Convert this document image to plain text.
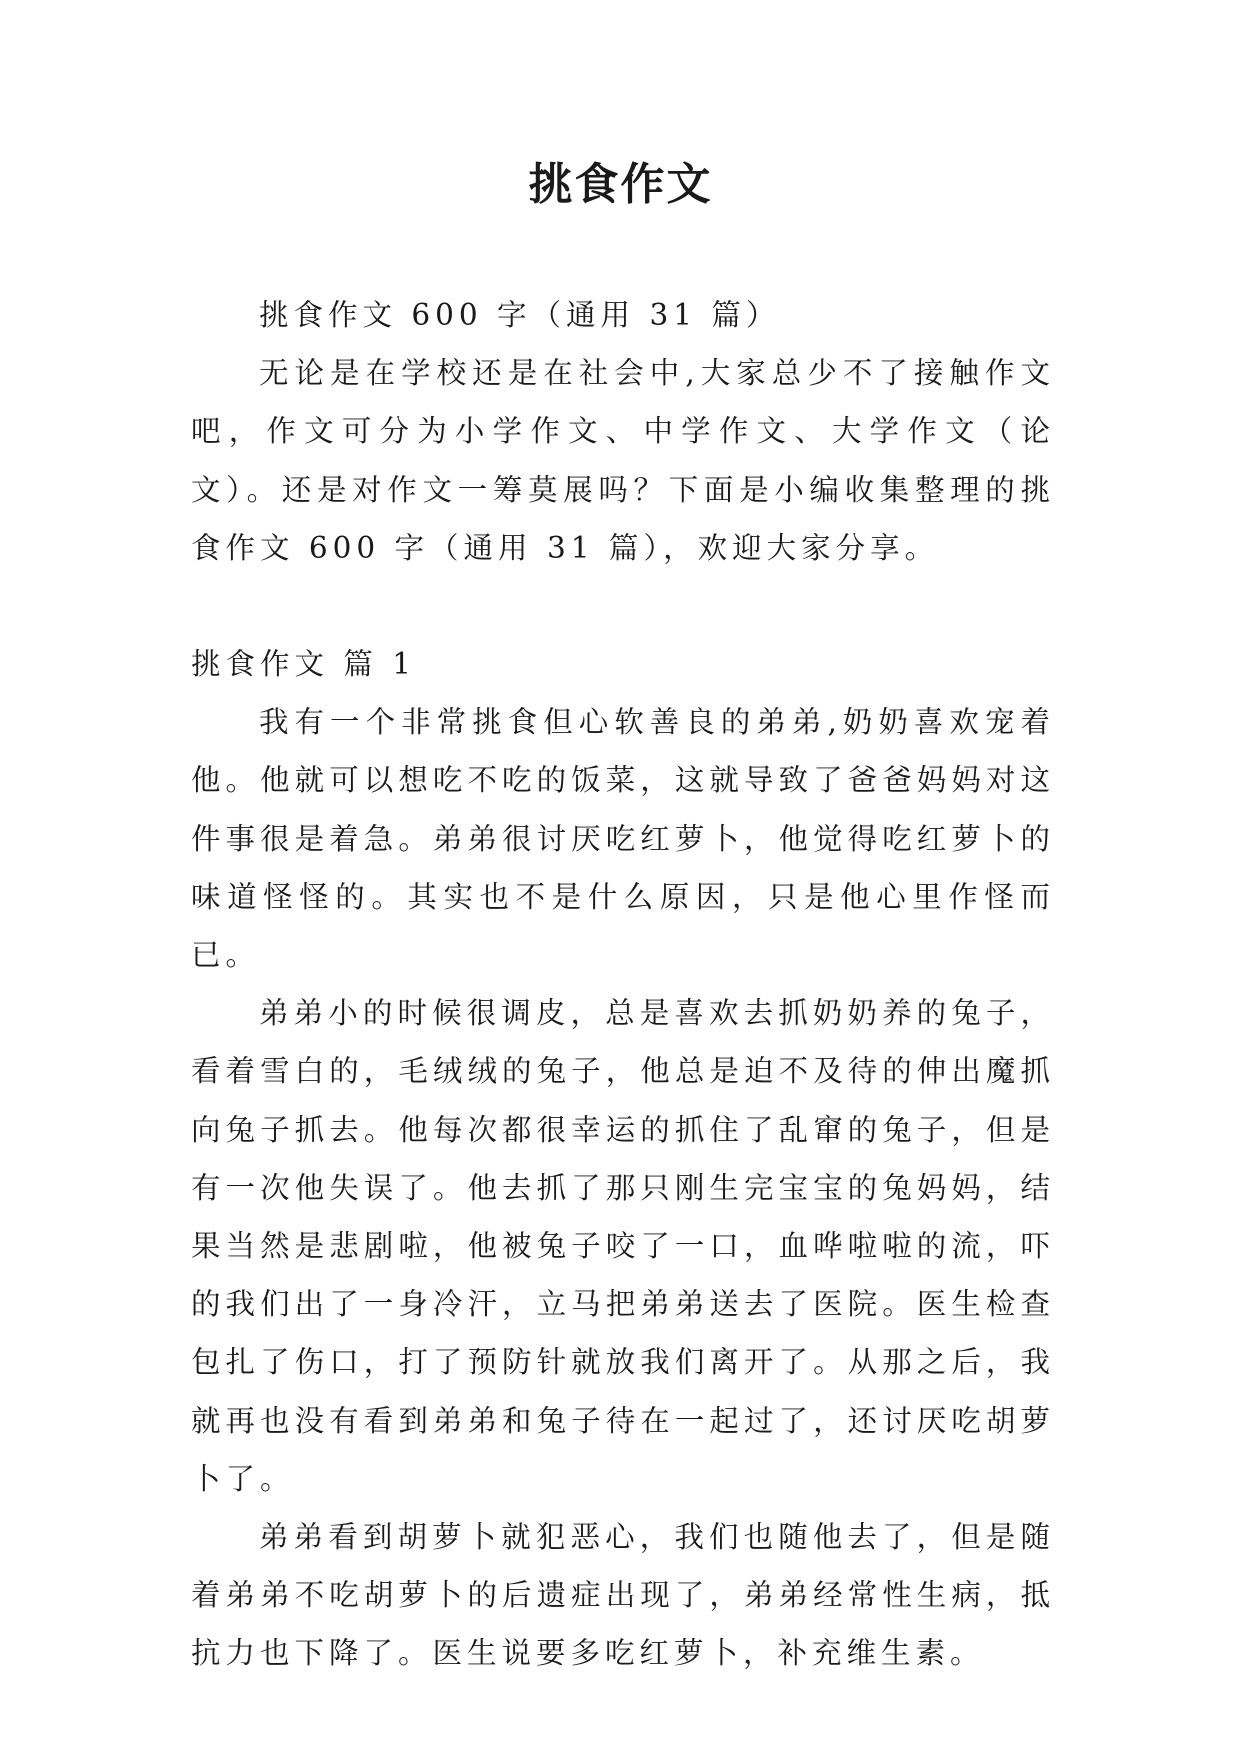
挑食作文

挑食作文 600 字（通用 31 篇）

无论是在学校还是在社会中,大家总少不了接触作文吧，作文可分为小学作文、中学作文、大学作文（论文）。还是对作文一筹莫展吗？下面是小编收集整理的挑食作文 600 字（通用 31 篇），欢迎大家分享。

挑食作文 篇 1

我有一个非常挑食但心软善良的弟弟,奶奶喜欢宠着他。他就可以想吃不吃的饭菜，这就导致了爸爸妈妈对这件事很是着急。弟弟很讨厌吃红萝卜，他觉得吃红萝卜的味道怪怪的。其实也不是什么原因，只是他心里作怪而已。

弟弟小的时候很调皮，总是喜欢去抓奶奶养的兔子，看着雪白的，毛绒绒的兔子，他总是迫不及待的伸出魔抓向兔子抓去。他每次都很幸运的抓住了乱窜的兔子，但是有一次他失误了。他去抓了那只刚生完宝宝的兔妈妈，结果当然是悲剧啦，他被兔子咬了一口，血哗啦啦的流，吓的我们出了一身冷汗，立马把弟弟送去了医院。医生检查包扎了伤口，打了预防针就放我们离开了。从那之后，我就再也没有看到弟弟和兔子待在一起过了，还讨厌吃胡萝卜了。

弟弟看到胡萝卜就犯恶心，我们也随他去了，但是随着弟弟不吃胡萝卜的后遗症出现了，弟弟经常性生病，抵抗力也下降了。医生说要多吃红萝卜，补充维生素。
